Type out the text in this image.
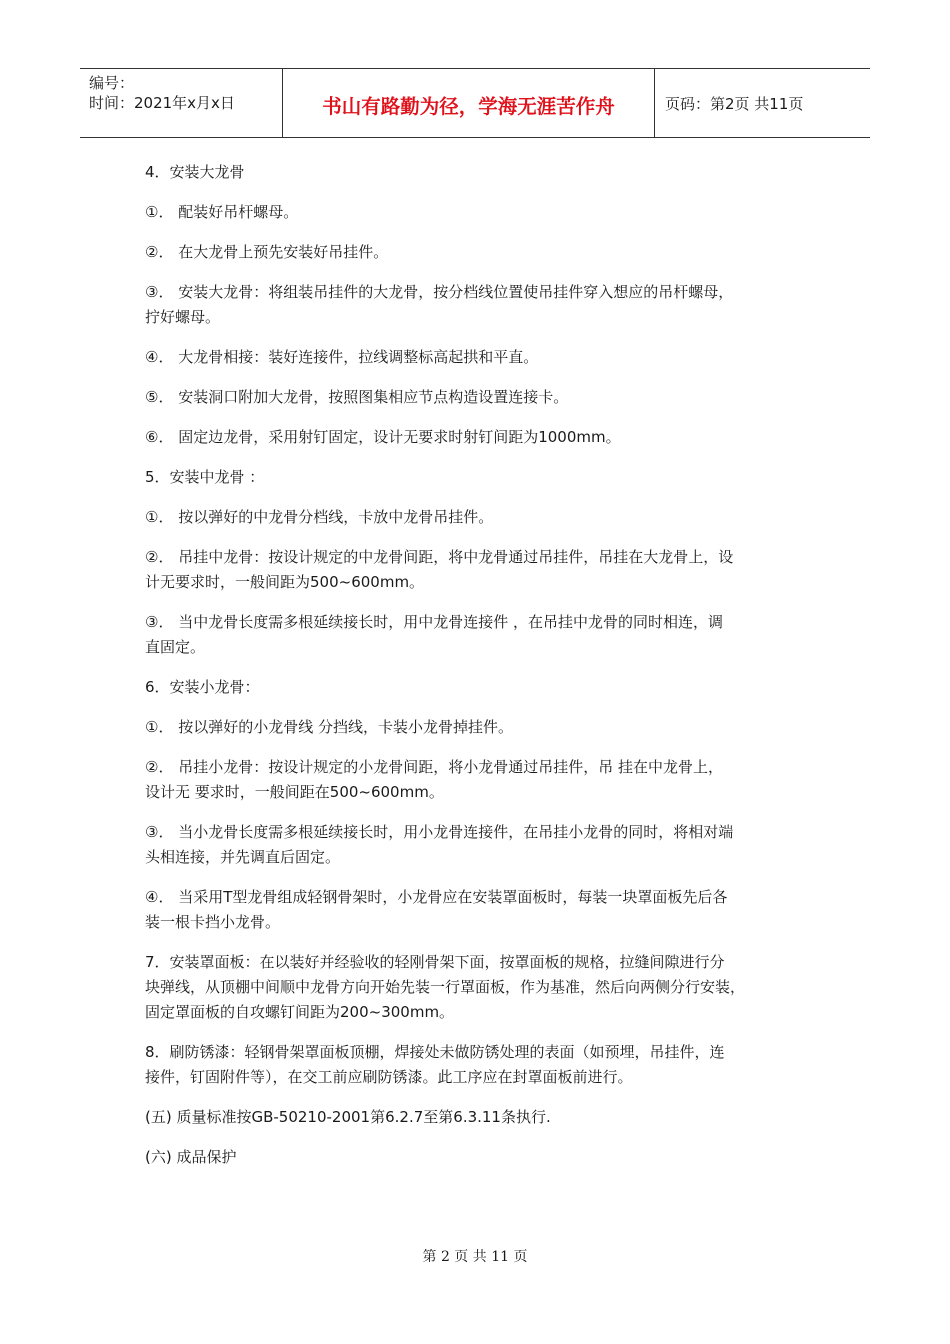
编号：
时间：2021年x月x日	书山有路勤为径，学海无涯苦作舟	页码：第2页 共11页
4．安装大龙骨
①． 配装好吊杆螺母。
②． 在大龙骨上预先安装好吊挂件。
③． 安装大龙骨：将组装吊挂件的大龙骨，按分档线位置使吊挂件穿入想应的吊杆螺母，
拧好螺母。
④． 大龙骨相接：装好连接件，拉线调整标高起拱和平直。
⑤． 安装洞口附加大龙骨，按照图集相应节点构造设置连接卡。
⑥． 固定边龙骨，采用射钉固定，设计无要求时射钉间距为1000mm。
5．安装中龙骨 ：
①． 按以弹好的中龙骨分档线，卡放中龙骨吊挂件。
②． 吊挂中龙骨：按设计规定的中龙骨间距，将中龙骨通过吊挂件，吊挂在大龙骨上，设
计无要求时，一般间距为500~600mm。
③． 当中龙骨长度需多根延续接长时，用中龙骨连接件 ，在吊挂中龙骨的同时相连，调
直固定。
6．安装小龙骨：
①． 按以弹好的小龙骨线 分挡线，卡装小龙骨掉挂件。
②． 吊挂小龙骨：按设计规定的小龙骨间距，将小龙骨通过吊挂件，吊 挂在中龙骨上，
设计无 要求时，一般间距在500~600mm。
③． 当小龙骨长度需多根延续接长时，用小龙骨连接件，在吊挂小龙骨的同时，将相对端
头相连接，并先调直后固定。
④． 当采用T型龙骨组成轻钢骨架时，小龙骨应在安装罩面板时，每装一块罩面板先后各
装一根卡挡小龙骨。
7．安装罩面板：在以装好并经验收的轻刚骨架下面，按罩面板的规格，拉缝间隙进行分
块弹线，从顶棚中间顺中龙骨方向开始先装一行罩面板，作为基准，然后向两侧分行安装，
固定罩面板的自攻螺钉间距为200~300mm。
8．刷防锈漆：轻钢骨架罩面板顶棚，焊接处未做防锈处理的表面（如预埋，吊挂件，连
接件，钉固附件等），在交工前应刷防锈漆。此工序应在封罩面板前进行。
(五) 质量标准按GB-50210-2001第6.2.7至第6.3.11条执行.
(六) 成品保护
第 2 页 共 11 页
